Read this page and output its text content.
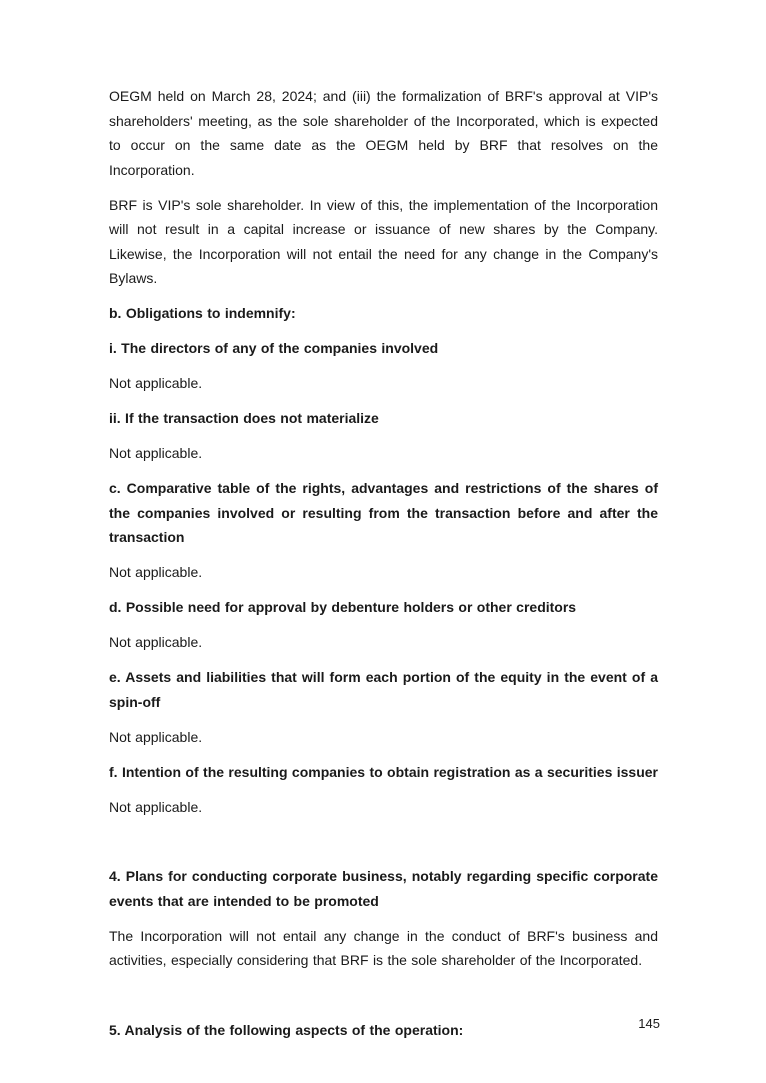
OEGM held on March 28, 2024; and (iii) the formalization of BRF's approval at VIP's shareholders' meeting, as the sole shareholder of the Incorporated, which is expected to occur on the same date as the OEGM held by BRF that resolves on the Incorporation.

BRF is VIP's sole shareholder. In view of this, the implementation of the Incorporation will not result in a capital increase or issuance of new shares by the Company. Likewise, the Incorporation will not entail the need for any change in the Company's Bylaws.

b. Obligations to indemnify:

i. The directors of any of the companies involved

Not applicable.

ii. If the transaction does not materialize

Not applicable.

c. Comparative table of the rights, advantages and restrictions of the shares of the companies involved or resulting from the transaction before and after the transaction

Not applicable.

d. Possible need for approval by debenture holders or other creditors

Not applicable.

e. Assets and liabilities that will form each portion of the equity in the event of a spin-off

Not applicable.

f. Intention of the resulting companies to obtain registration as a securities issuer

Not applicable.

4. Plans for conducting corporate business, notably regarding specific corporate events that are intended to be promoted

The Incorporation will not entail any change in the conduct of BRF's business and activities, especially considering that BRF is the sole shareholder of the Incorporated.

5. Analysis of the following aspects of the operation:	145
